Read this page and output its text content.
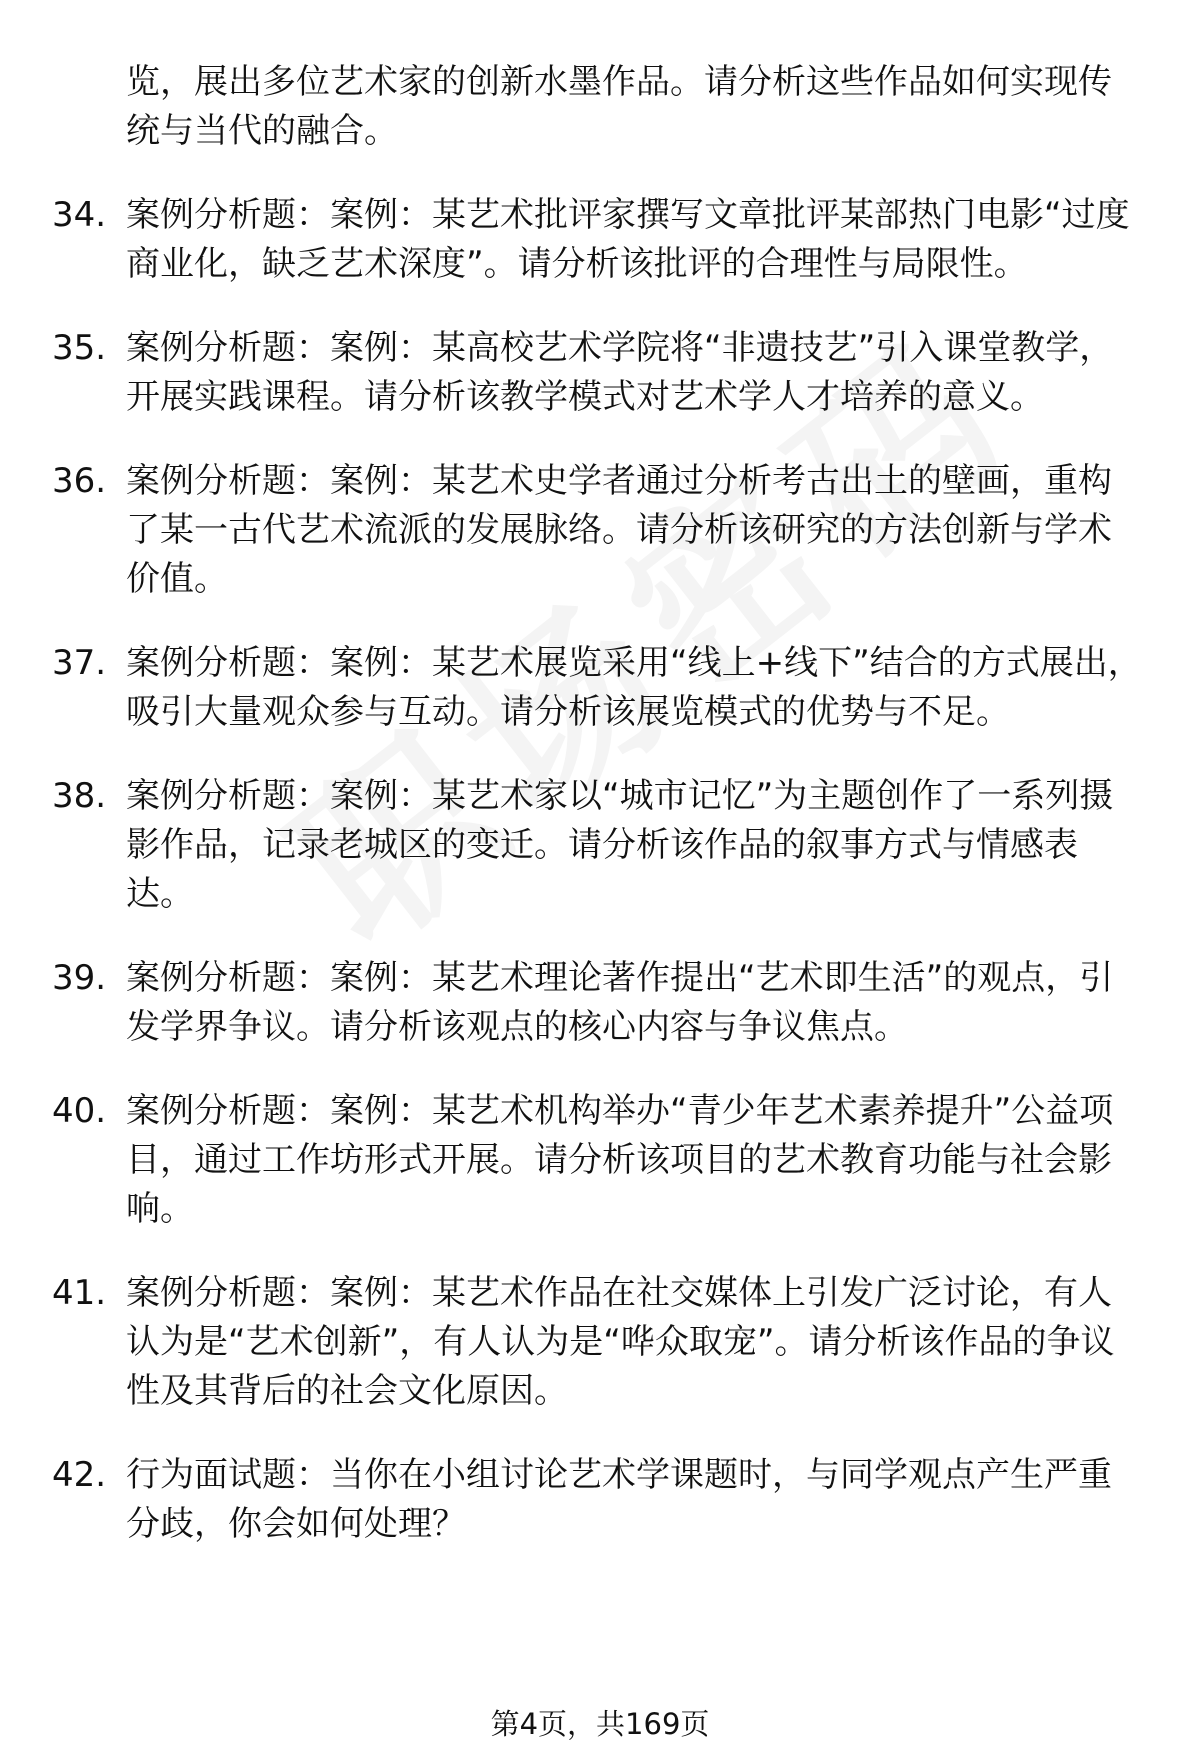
览，展出多位艺术家的创新水墨作品。请分析这些作品如何实现传统与当代的融合。
34. 案例分析题：案例：某艺术批评家撰写文章批评某部热门电影“过度商业化，缺乏艺术深度”。请分析该批评的合理性与局限性。
35. 案例分析题：案例：某高校艺术学院将“非遗技艺”引入课堂教学，开展实践课程。请分析该教学模式对艺术学人才培养的意义。
36. 案例分析题：案例：某艺术史学者通过分析考古出土的壁画，重构了某一古代艺术流派的发展脉络。请分析该研究的方法创新与学术价值。
37. 案例分析题：案例：某艺术展览采用“线上+线下”结合的方式展出，吸引大量观众参与互动。请分析该展览模式的优势与不足。
38. 案例分析题：案例：某艺术家以“城市记忆”为主题创作了一系列摄影作品，记录老城区的变迁。请分析该作品的叙事方式与情感表达。
39. 案例分析题：案例：某艺术理论著作提出“艺术即生活”的观点，引发学界争议。请分析该观点的核心内容与争议焦点。
40. 案例分析题：案例：某艺术机构举办“青少年艺术素养提升”公益项目，通过工作坊形式开展。请分析该项目的艺术教育功能与社会影响。
41. 案例分析题：案例：某艺术作品在社交媒体上引发广泛讨论，有人认为是“艺术创新”，有人认为是“哗众取宠”。请分析该作品的争议性及其背后的社会文化原因。
42. 行为面试题：当你在小组讨论艺术学课题时，与同学观点产生严重分歧，你会如何处理？
第4页，共169页
